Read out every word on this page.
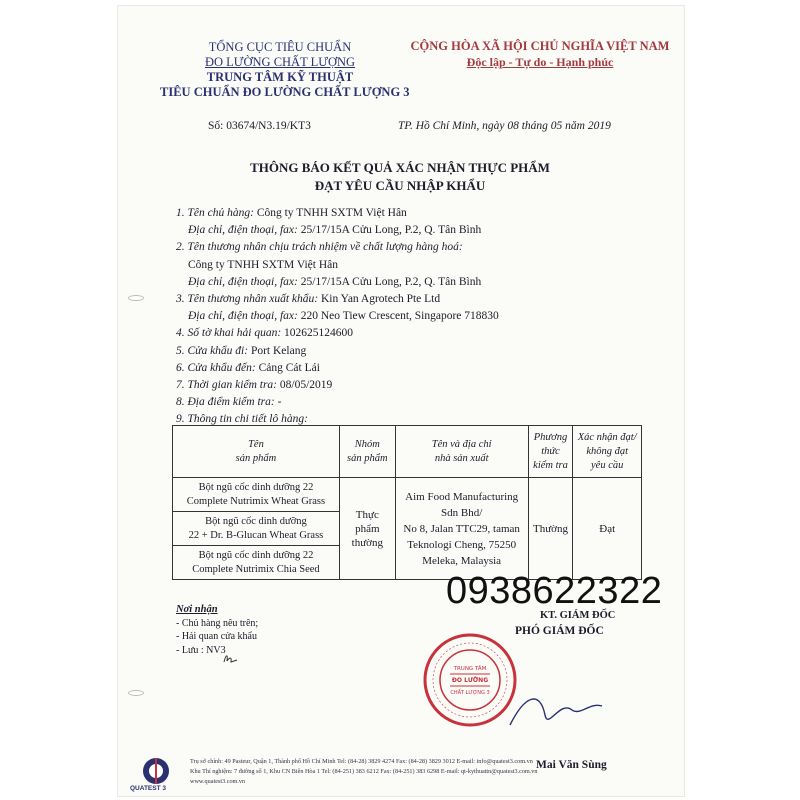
TỔNG CỤC TIÊU CHUẨN
ĐO LƯỜNG CHẤT LƯỢNG
TRUNG TÂM KỸ THUẬT
TIÊU CHUẨN ĐO LƯỜNG CHẤT LƯỢNG 3
CỘNG HÒA XÃ HỘI CHỦ NGHĨA VIỆT NAM
Độc lập - Tự do - Hạnh phúc
Số: 03674/N3.19/KT3	TP. Hồ Chí Minh, ngày 08 tháng 05 năm 2019
THÔNG BÁO KẾT QUẢ XÁC NHẬN THỰC PHẨM
ĐẠT YÊU CẦU NHẬP KHẨU
1. Tên chủ hàng: Công ty TNHH SXTM Việt Hân
Địa chỉ, điện thoại, fax: 25/17/15A Cửu Long, P.2, Q. Tân Bình
2. Tên thương nhân chịu trách nhiệm về chất lượng hàng hoá:
Công ty TNHH SXTM Việt Hân
Địa chỉ, điện thoại, fax: 25/17/15A Cửu Long, P.2, Q. Tân Bình
3. Tên thương nhân xuất khẩu: Kin Yan Agrotech Pte Ltd
Địa chỉ, điện thoại, fax: 220 Neo Tiew Crescent, Singapore 718830
4. Số tờ khai hải quan: 102625124600
5. Cửa khẩu đi: Port Kelang
6. Cửa khẩu đến: Cảng Cát Lái
7. Thời gian kiểm tra: 08/05/2019
8. Địa điểm kiểm tra: -
9. Thông tin chi tiết lô hàng:
Tên
sản phẩm	Nhóm
sản phẩm	Tên và địa chỉ
nhà sản xuất	Phương
thức
kiểm tra	Xác nhận đạt/
không đạt
yêu cầu
Bột ngũ cốc dinh dưỡng 22
Complete Nutrimix Wheat Grass	Thực
phẩm
thường	Aim Food Manufacturing
Sdn Bhd/
No 8, Jalan TTC29, taman
Teknologi Cheng, 75250
Meleka, Malaysia	Thường	Đạt
Bột ngũ cốc dinh dưỡng
22 + Dr. B-Glucan Wheat Grass				
Bột ngũ cốc dinh dưỡng 22
Complete Nutrimix Chia Seed				
Nơi nhận
- Chủ hàng nêu trên;
- Hải quan cửa khẩu
- Lưu : NV3
TRUNG TÂM
ĐO LƯỜNG
CHẤT LƯỢNG 3
KT. GIÁM ĐỐC
PHÓ GIÁM ĐỐC
Mai Văn Sùng
0938622322
QUATEST 3
Trụ sở chính: 49 Pasteur, Quận 1, Thành phố Hồ Chí Minh Tel: (84-28) 3829 4274 Fax: (84-28) 3829 3012 E-mail: info@quatest3.com.vn
Khu Thí nghiệm: 7 đường số 1, Khu CN Biên Hòa 1 Tel: (84-251) 383 6212 Fax: (84-251) 383 6298 E-mail: qt-kythuattn@quatest3.com.vn
www.quatest3.com.vn
